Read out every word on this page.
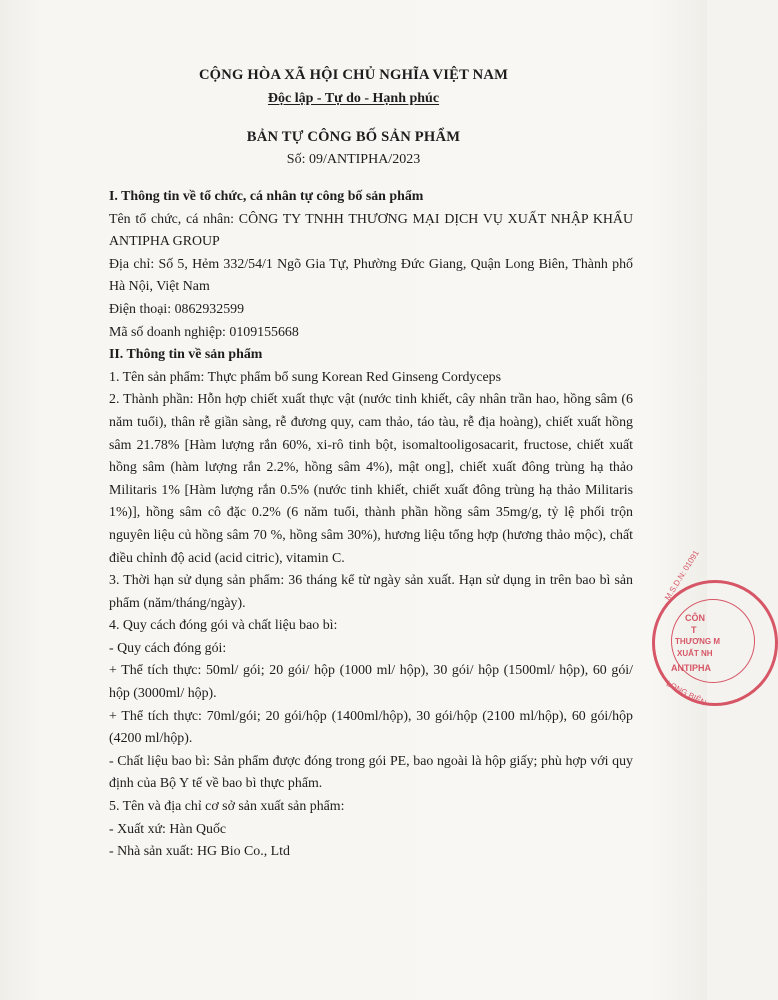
CỘNG HÒA XÃ HỘI CHỦ NGHĨA VIỆT NAM
Độc lập - Tự do - Hạnh phúc
BẢN TỰ CÔNG BỐ SẢN PHẨM
Số: 09/ANTIPHA/2023

I. Thông tin về tổ chức, cá nhân tự công bố sản phẩm

Tên tổ chức, cá nhân: CÔNG TY TNHH THƯƠNG MẠI DỊCH VỤ XUẤT NHẬP KHẨU ANTIPHA GROUP

Địa chỉ: Số 5, Hẻm 332/54/1 Ngõ Gia Tự, Phường Đức Giang, Quận Long Biên, Thành phố Hà Nội, Việt Nam

Điện thoại: 0862932599

Mã số doanh nghiệp: 0109155668

II. Thông tin về sản phẩm

1. Tên sản phẩm: Thực phẩm bổ sung Korean Red Ginseng Cordyceps

2. Thành phần: Hỗn hợp chiết xuất thực vật (nước tinh khiết, cây nhân trần hao, hồng sâm (6 năm tuổi), thân rễ giần sàng, rễ đương quy, cam thảo, táo tàu, rễ địa hoàng), chiết xuất hồng sâm 21.78% [Hàm lượng rắn 60%, xi-rô tinh bột, isomaltooligosacarit, fructose, chiết xuất hồng sâm (hàm lượng rắn 2.2%, hồng sâm 4%), mật ong], chiết xuất đông trùng hạ thảo Militaris 1% [Hàm lượng rắn 0.5% (nước tinh khiết, chiết xuất đông trùng hạ thảo Militaris 1%)], hồng sâm cô đặc 0.2% (6 năm tuổi, thành phần hồng sâm 35mg/g, tỷ lệ phối trộn nguyên liệu củ hồng sâm 70 %, hồng sâm 30%), hương liệu tổng hợp (hương thảo mộc), chất điều chỉnh độ acid (acid citric), vitamin C.

3. Thời hạn sử dụng sản phẩm: 36 tháng kể từ ngày sản xuất. Hạn sử dụng in trên bao bì sản phẩm (năm/tháng/ngày).

4. Quy cách đóng gói và chất liệu bao bì:

- Quy cách đóng gói:

+ Thể tích thực: 50ml/ gói; 20 gói/ hộp (1000 ml/ hộp), 30 gói/ hộp (1500ml/ hộp), 60 gói/ hộp (3000ml/ hộp).

+ Thể tích thực: 70ml/gói; 20 gói/hộp (1400ml/hộp), 30 gói/hộp (2100 ml/hộp), 60 gói/hộp (4200 ml/hộp).

- Chất liệu bao bì: Sản phẩm được đóng trong gói PE, bao ngoài là hộp giấy; phù hợp với quy định của Bộ Y tế về bao bì thực phẩm.

5. Tên và địa chỉ cơ sở sản xuất sản phẩm:

- Xuất xứ: Hàn Quốc

- Nhà sản xuất: HG Bio Co., Ltd

M.S.D.N: 01091
CÔN
T
THƯƠNG M
XUẤT NH
ANTIPHA
LONG BIÊN
